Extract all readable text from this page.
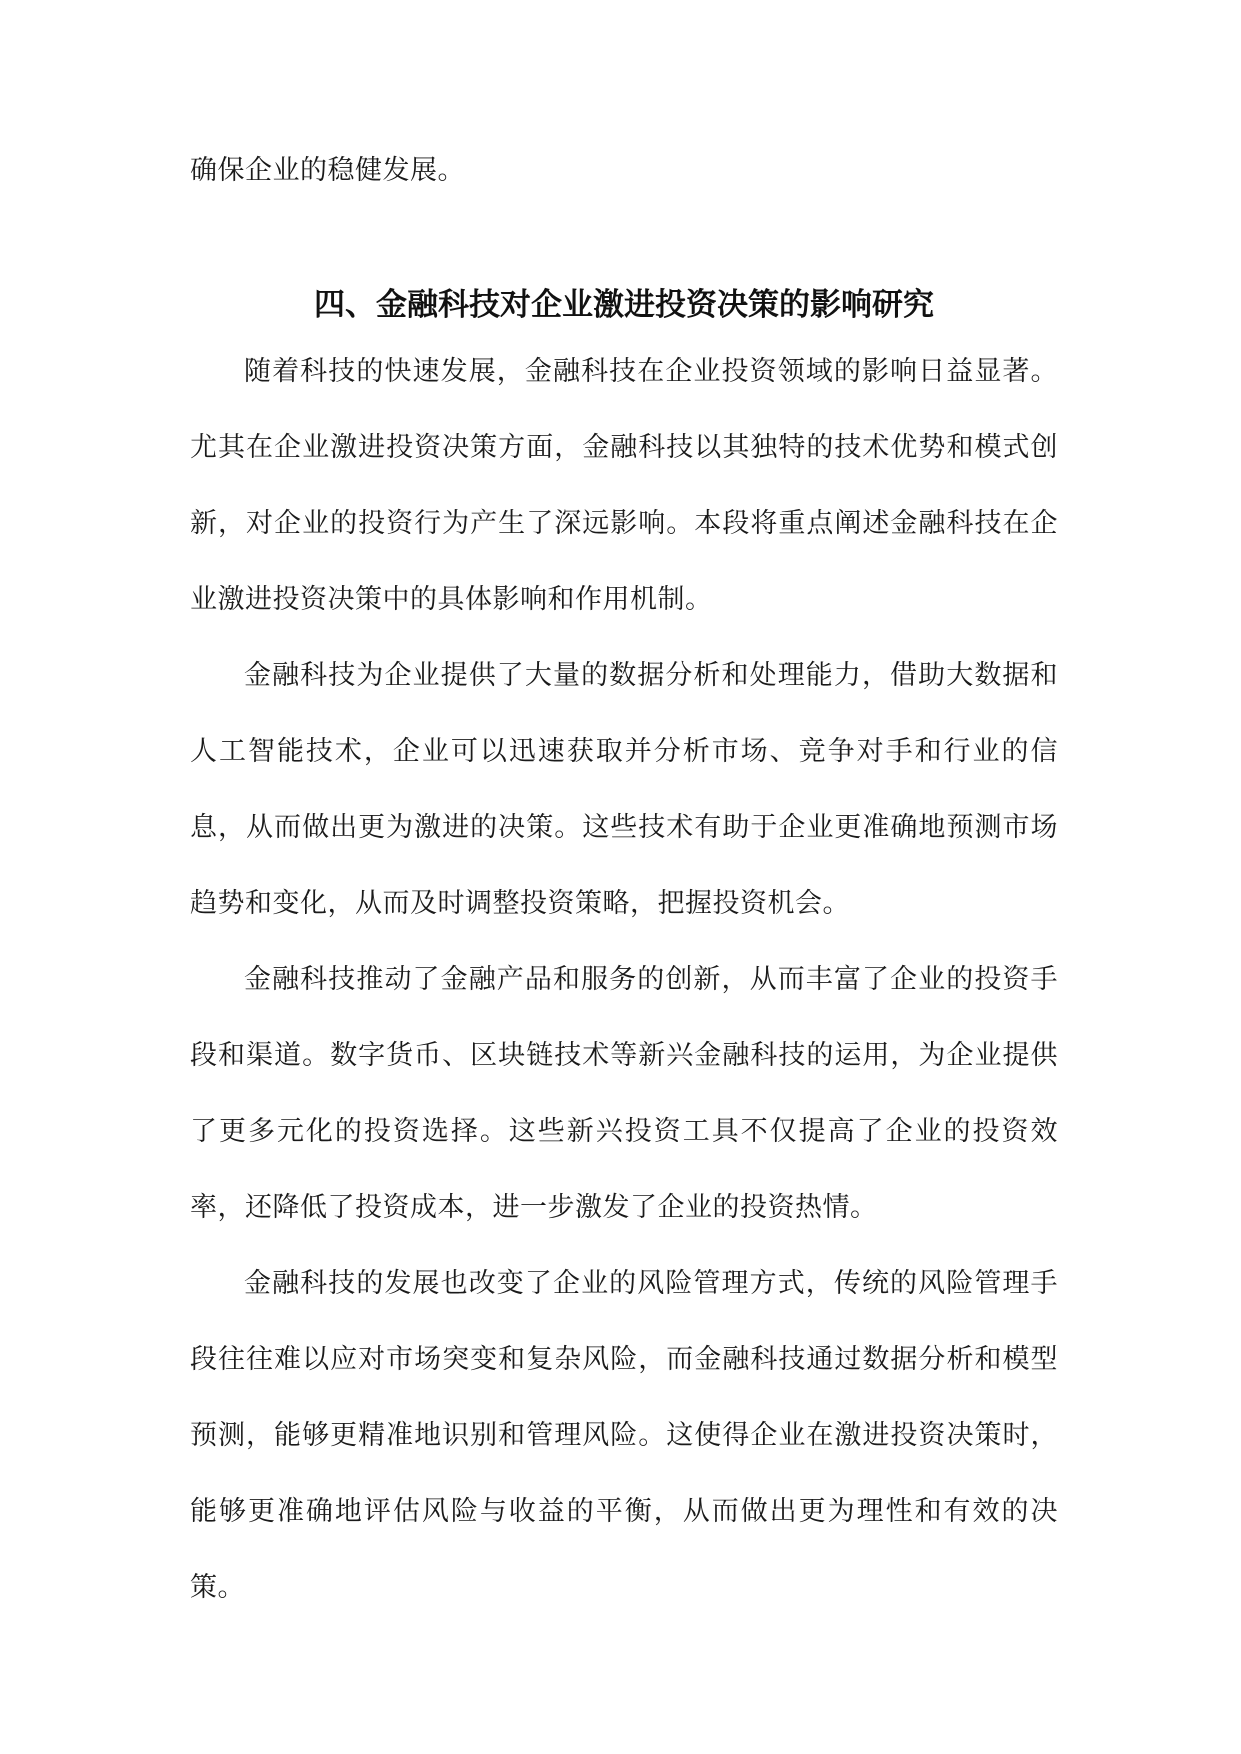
确保企业的稳健发展。
四、金融科技对企业激进投资决策的影响研究

随着科技的快速发展，金融科技在企业投资领域的影响日益显著。尤其在企业激进投资决策方面，金融科技以其独特的技术优势和模式创新，对企业的投资行为产生了深远影响。本段将重点阐述金融科技在企业激进投资决策中的具体影响和作用机制。

金融科技为企业提供了大量的数据分析和处理能力，借助大数据和人工智能技术，企业可以迅速获取并分析市场、竞争对手和行业的信息，从而做出更为激进的决策。这些技术有助于企业更准确地预测市场趋势和变化，从而及时调整投资策略，把握投资机会。

金融科技推动了金融产品和服务的创新，从而丰富了企业的投资手段和渠道。数字货币、区块链技术等新兴金融科技的运用，为企业提供了更多元化的投资选择。这些新兴投资工具不仅提高了企业的投资效率，还降低了投资成本，进一步激发了企业的投资热情。

金融科技的发展也改变了企业的风险管理方式，传统的风险管理手段往往难以应对市场突变和复杂风险，而金融科技通过数据分析和模型预测，能够更精准地识别和管理风险。这使得企业在激进投资决策时，能够更准确地评估风险与收益的平衡，从而做出更为理性和有效的决策。
